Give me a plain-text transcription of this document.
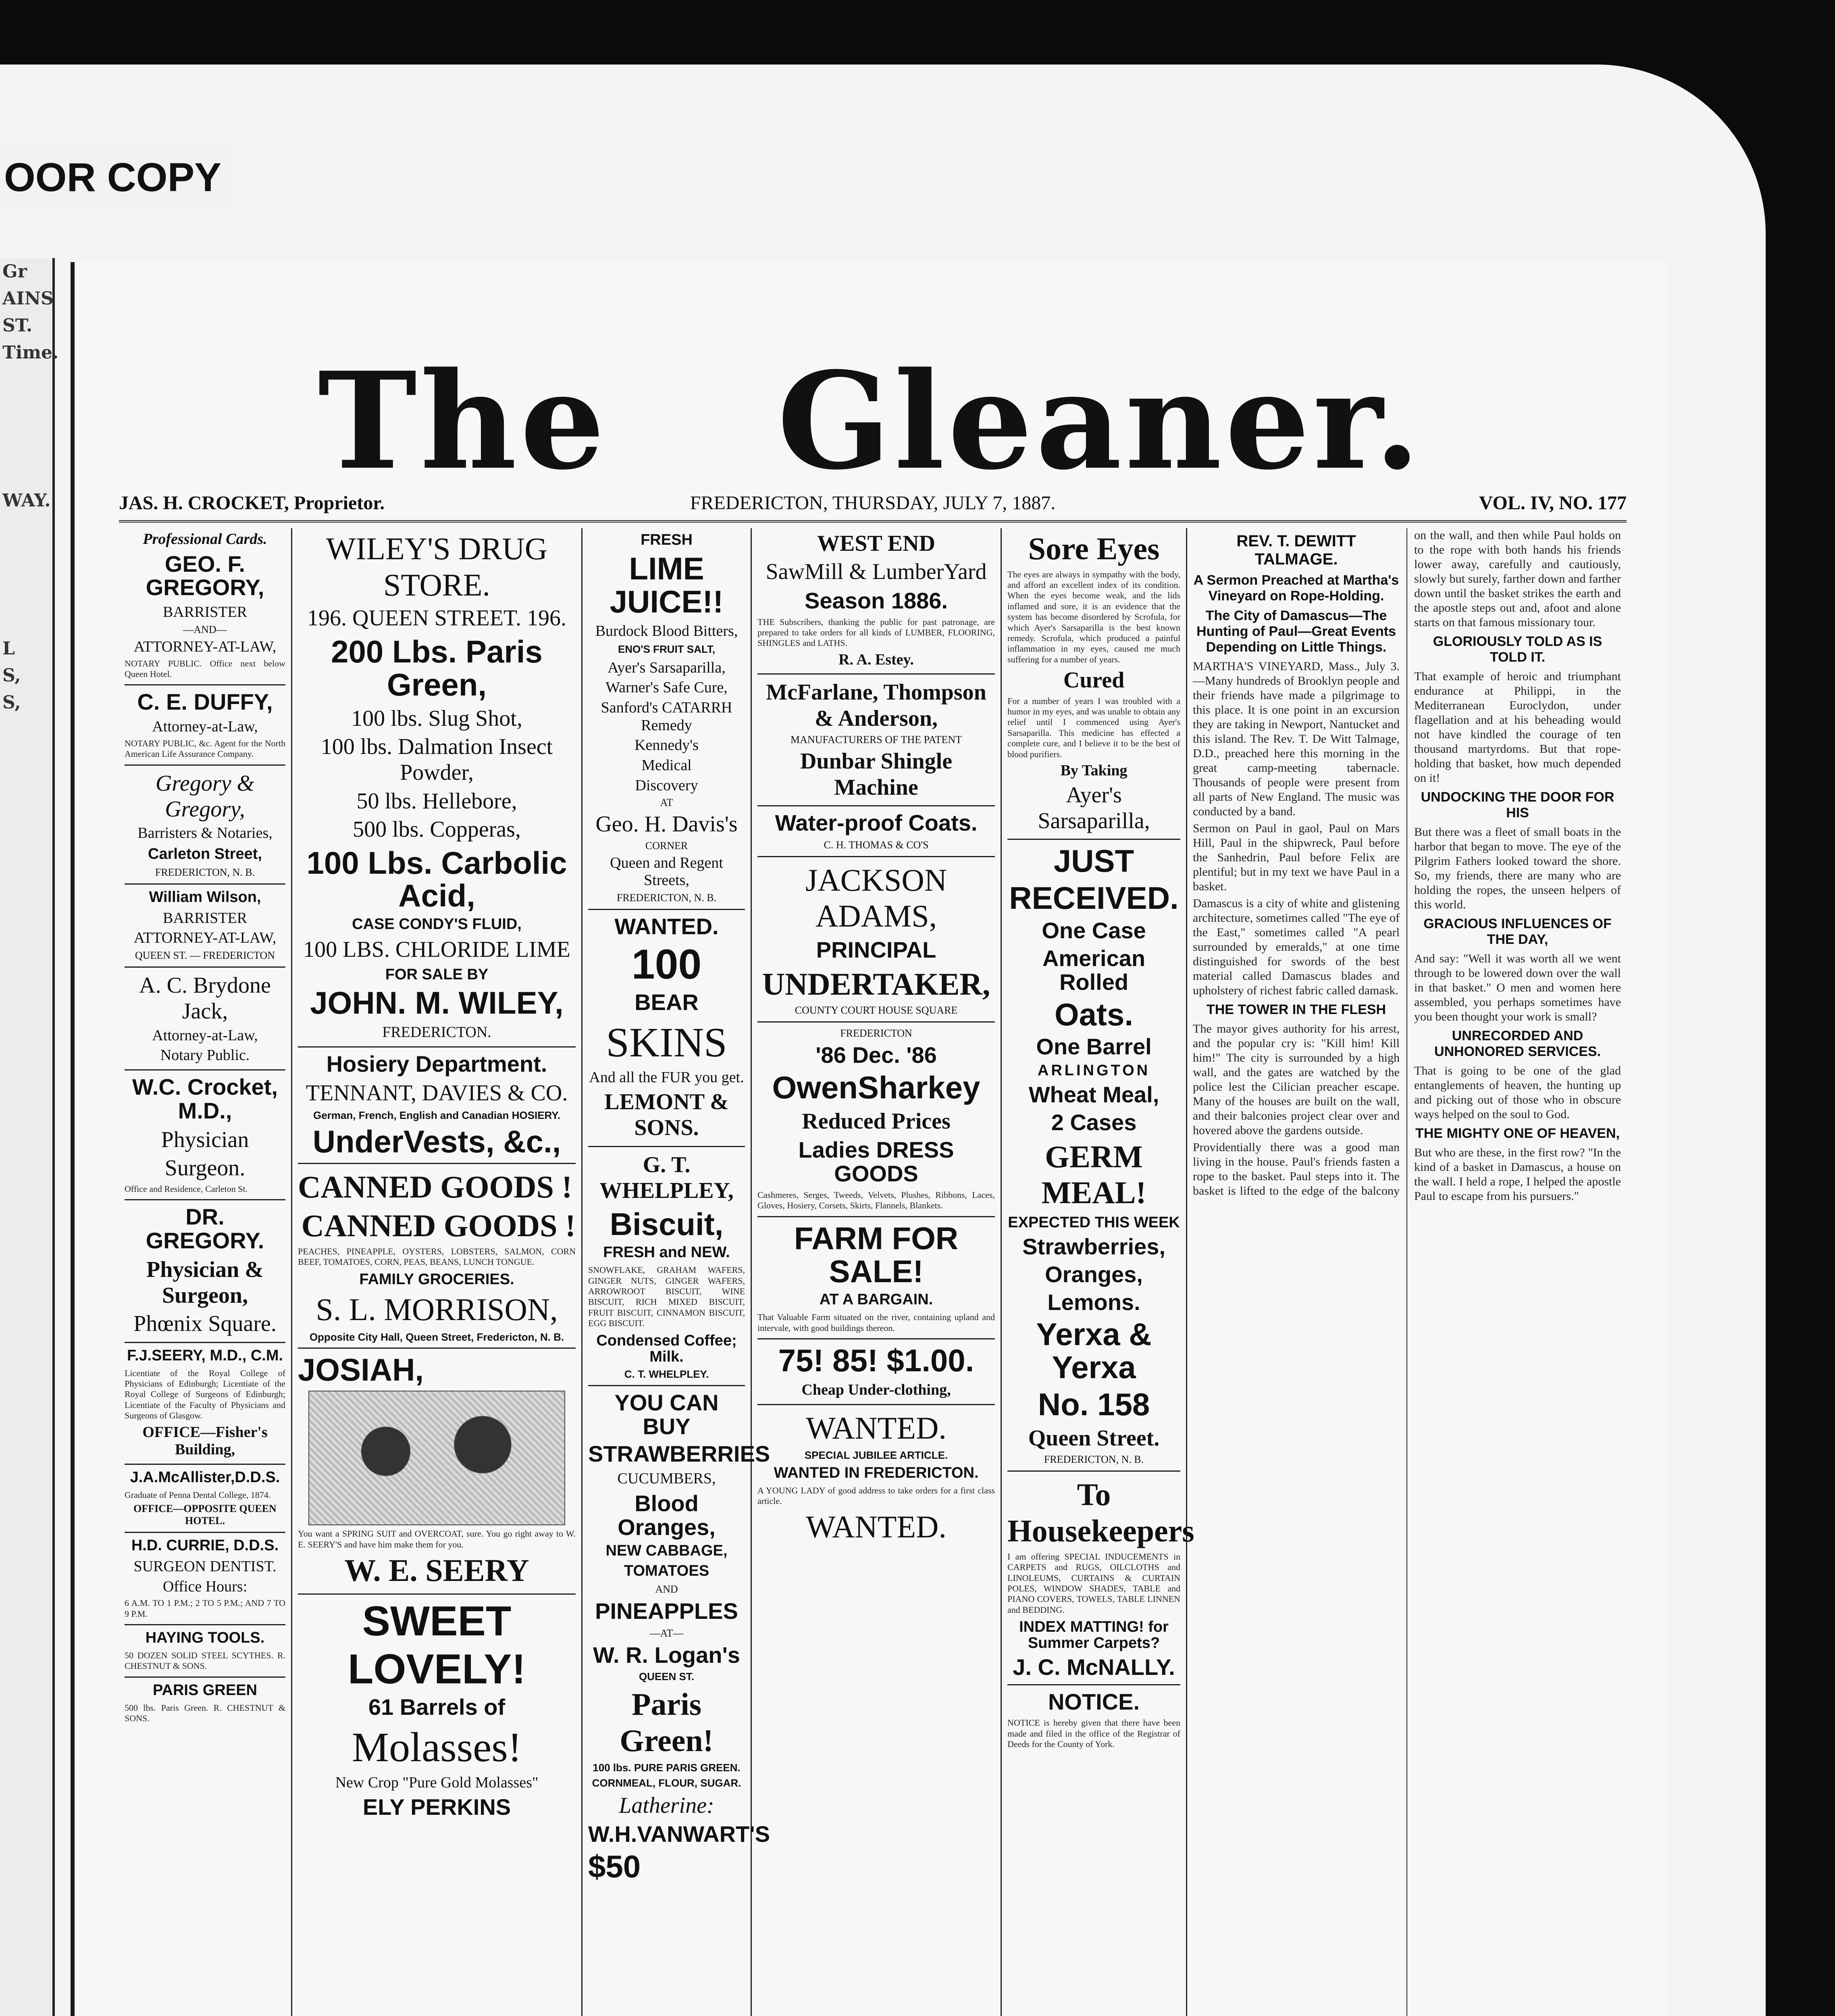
OOR COPY
Gr
AINS
ST.
Time.
WAY.
L
S,
S,
The Gleaner.
JAS. H. CROCKET, Proprietor.	FREDERICTON, THURSDAY, JULY 7, 1887.	VOL. IV, NO. 177
Professional Cards.
GEO. F. GREGORY,
BARRISTER
—AND—
ATTORNEY-AT-LAW,
NOTARY PUBLIC. Office next below Queen Hotel.
C. E. DUFFY,
Attorney-at-Law,
NOTARY PUBLIC, &c. Agent for the North American Life Assurance Company.
Gregory & Gregory,
Barristers & Notaries,
Carleton Street,
FREDERICTON, N. B.
William Wilson,
BARRISTER
ATTORNEY-AT-LAW,
QUEEN ST. — FREDERICTON
A. C. Brydone Jack,
Attorney-at-Law,
Notary Public.
W.C. Crocket, M.D.,
Physician
Surgeon.
Office and Residence, Carleton St.
DR. GREGORY.
Physician & Surgeon,
Phœnix Square.
F.J.SEERY, M.D., C.M.
Licentiate of the Royal College of Physicians of Edinburgh; Licentiate of the Royal College of Surgeons of Edinburgh; Licentiate of the Faculty of Physicians and Surgeons of Glasgow.
OFFICE—Fisher's Building,
J.A.McAllister,D.D.S.
Graduate of Penna Dental College, 1874.
OFFICE—OPPOSITE QUEEN HOTEL.
H.D. CURRIE, D.D.S.
SURGEON DENTIST.
Office Hours:
6 A.M. TO 1 P.M.; 2 TO 5 P.M.; AND 7 TO 9 P.M.
HAYING TOOLS.
50 DOZEN SOLID STEEL SCYTHES. R. CHESTNUT & SONS.
PARIS GREEN
500 lbs. Paris Green. R. CHESTNUT & SONS.
WILEY'S DRUG STORE.
196. QUEEN STREET. 196.
200 Lbs. Paris Green,
100 lbs. Slug Shot,
100 lbs. Dalmation Insect Powder,
50 lbs. Hellebore,
500 lbs. Copperas,
100 Lbs. Carbolic Acid,
CASE CONDY'S FLUID,
100 LBS. CHLORIDE LIME
FOR SALE BY
JOHN. M. WILEY,
FREDERICTON.
Hosiery Department.
TENNANT, DAVIES & CO.
German, French, English and Canadian HOSIERY.
UnderVests, &c.,
CANNED GOODS !
CANNED GOODS !
PEACHES, PINEAPPLE, OYSTERS, LOBSTERS, SALMON, CORN BEEF, TOMATOES, CORN, PEAS, BEANS, LUNCH TONGUE.
FAMILY GROCERIES.
S. L. MORRISON,
Opposite City Hall, Queen Street, Fredericton, N. B.
JOSIAH,
You want a SPRING SUIT and OVERCOAT, sure. You go right away to W. E. SEERY'S and have him make them for you.
W. E. SEERY
SWEET
LOVELY!
61 Barrels of
Molasses!
New Crop "Pure Gold Molasses"
ELY PERKINS
FRESH
LIME JUICE!!
Burdock Blood Bitters,
ENO'S FRUIT SALT,
Ayer's Sarsaparilla,
Warner's Safe Cure,
Sanford's CATARRH Remedy
Kennedy's
Medical
Discovery
AT
Geo. H. Davis's
CORNER
Queen and Regent Streets,
FREDERICTON, N. B.
WANTED.
100
BEAR
SKINS
And all the FUR you get.
LEMONT & SONS.
G. T. WHELPLEY,
Biscuit,
FRESH and NEW.
SNOWFLAKE, GRAHAM WAFERS, GINGER NUTS, GINGER WAFERS, ARROWROOT BISCUIT, WINE BISCUIT, RICH MIXED BISCUIT, FRUIT BISCUIT, CINNAMON BISCUIT, EGG BISCUIT.
Condensed Coffee; Milk.
C. T. WHELPLEY.
YOU CAN BUY
STRAWBERRIES
CUCUMBERS,
Blood Oranges,
NEW CABBAGE,
TOMATOES
AND
PINEAPPLES
—AT—
W. R. Logan's
QUEEN ST.
Paris Green!
100 lbs. PURE PARIS GREEN.
CORNMEAL, FLOUR, SUGAR.
Latherine:
W.H.VANWART'S
$50
WEST END
SawMill & LumberYard
Season 1886.
THE Subscribers, thanking the public for past patronage, are prepared to take orders for all kinds of LUMBER, FLOORING, SHINGLES and LATHS.
R. A. Estey.
McFarlane, Thompson & Anderson,
MANUFACTURERS OF THE PATENT
Dunbar Shingle Machine
Water-proof Coats.
C. H. THOMAS & CO'S
JACKSON ADAMS,
PRINCIPAL
UNDERTAKER,
COUNTY COURT HOUSE SQUARE
FREDERICTON
'86 Dec. '86
OwenSharkey
Reduced Prices
Ladies DRESS GOODS
Cashmeres, Serges, Tweeds, Velvets, Plushes, Ribbons, Laces, Gloves, Hosiery, Corsets, Skirts, Flannels, Blankets.
FARM FOR SALE!
AT A BARGAIN.
That Valuable Farm situated on the river, containing upland and intervale, with good buildings thereon.
75! 85! $1.00.
Cheap Under-clothing,
WANTED.
SPECIAL JUBILEE ARTICLE.
WANTED IN FREDERICTON.
A YOUNG LADY of good address to take orders for a first class article.
WANTED.
Sore Eyes
The eyes are always in sympathy with the body, and afford an excellent index of its condition. When the eyes become weak, and the lids inflamed and sore, it is an evidence that the system has become disordered by Scrofula, for which Ayer's Sarsaparilla is the best known remedy. Scrofula, which produced a painful inflammation in my eyes, caused me much suffering for a number of years.
Cured
For a number of years I was troubled with a humor in my eyes, and was unable to obtain any relief until I commenced using Ayer's Sarsaparilla. This medicine has effected a complete cure, and I believe it to be the best of blood purifiers.
By Taking
Ayer's Sarsaparilla,
JUST
RECEIVED.
One Case
American Rolled
Oats.
One Barrel
ARLINGTON
Wheat Meal,
2 Cases
GERM MEAL!
EXPECTED THIS WEEK
Strawberries,
Oranges,
Lemons.
Yerxa & Yerxa
No. 158
Queen Street.
FREDERICTON, N. B.
To Housekeepers
I am offering SPECIAL INDUCEMENTS in CARPETS and RUGS, OILCLOTHS and LINOLEUMS, CURTAINS & CURTAIN POLES, WINDOW SHADES, TABLE and PIANO COVERS, TOWELS, TABLE LINNEN and BEDDING.
INDEX MATTING! for Summer Carpets?
J. C. McNALLY.
NOTICE.
NOTICE is hereby given that there have been made and filed in the office of the Registrar of Deeds for the County of York.
REV. T. DEWITT TALMAGE.
A Sermon Preached at Martha's Vineyard on Rope-Holding.
The City of Damascus—The Hunting of Paul—Great Events Depending on Little Things.
MARTHA'S VINEYARD, Mass., July 3.—Many hundreds of Brooklyn people and their friends have made a pilgrimage to this place. It is one point in an excursion they are taking in Newport, Nantucket and this island. The Rev. T. De Witt Talmage, D.D., preached here this morning in the great camp-meeting tabernacle. Thousands of people were present from all parts of New England. The music was conducted by a band.
Sermon on Paul in gaol, Paul on Mars Hill, Paul in the shipwreck, Paul before the Sanhedrin, Paul before Felix are plentiful; but in my text we have Paul in a basket.
Damascus is a city of white and glistening architecture, sometimes called "The eye of the East," sometimes called "A pearl surrounded by emeralds," at one time distinguished for swords of the best material called Damascus blades and upholstery of richest fabric called damask.
THE TOWER IN THE FLESH
The mayor gives authority for his arrest, and the popular cry is: "Kill him! Kill him!" The city is surrounded by a high wall, and the gates are watched by the police lest the Cilician preacher escape. Many of the houses are built on the wall, and their balconies project clear over and hovered above the gardens outside.
Providentially there was a good man living in the house. Paul's friends fasten a rope to the basket. Paul steps into it. The basket is lifted to the edge of the balcony on the wall, and then while Paul holds on to the rope with both hands his friends lower away, carefully and cautiously, slowly but surely, farther down and farther down until the basket strikes the earth and the apostle steps out and, afoot and alone starts on that famous missionary tour.
GLORIOUSLY TOLD AS IS TOLD IT.
That example of heroic and triumphant endurance at Philippi, in the Mediterranean Euroclydon, under flagellation and at his beheading would not have kindled the courage of ten thousand martyrdoms. But that rope-holding that basket, how much depended on it!
UNDOCKING THE DOOR FOR HIS
But there was a fleet of small boats in the harbor that began to move. The eye of the Pilgrim Fathers looked toward the shore. So, my friends, there are many who are holding the ropes, the unseen helpers of this world.
GRACIOUS INFLUENCES OF THE DAY,
And say: "Well it was worth all we went through to be lowered down over the wall in that basket." O men and women here assembled, you perhaps sometimes have you been thought your work is small?
UNRECORDED AND UNHONORED SERVICES.
That is going to be one of the glad entanglements of heaven, the hunting up and picking out of those who in obscure ways helped on the soul to God.
THE MIGHTY ONE OF HEAVEN,
But who are these, in the first row? "In the kind of a basket in Damascus, a house on the wall. I held a rope, I helped the apostle Paul to escape from his pursuers."
